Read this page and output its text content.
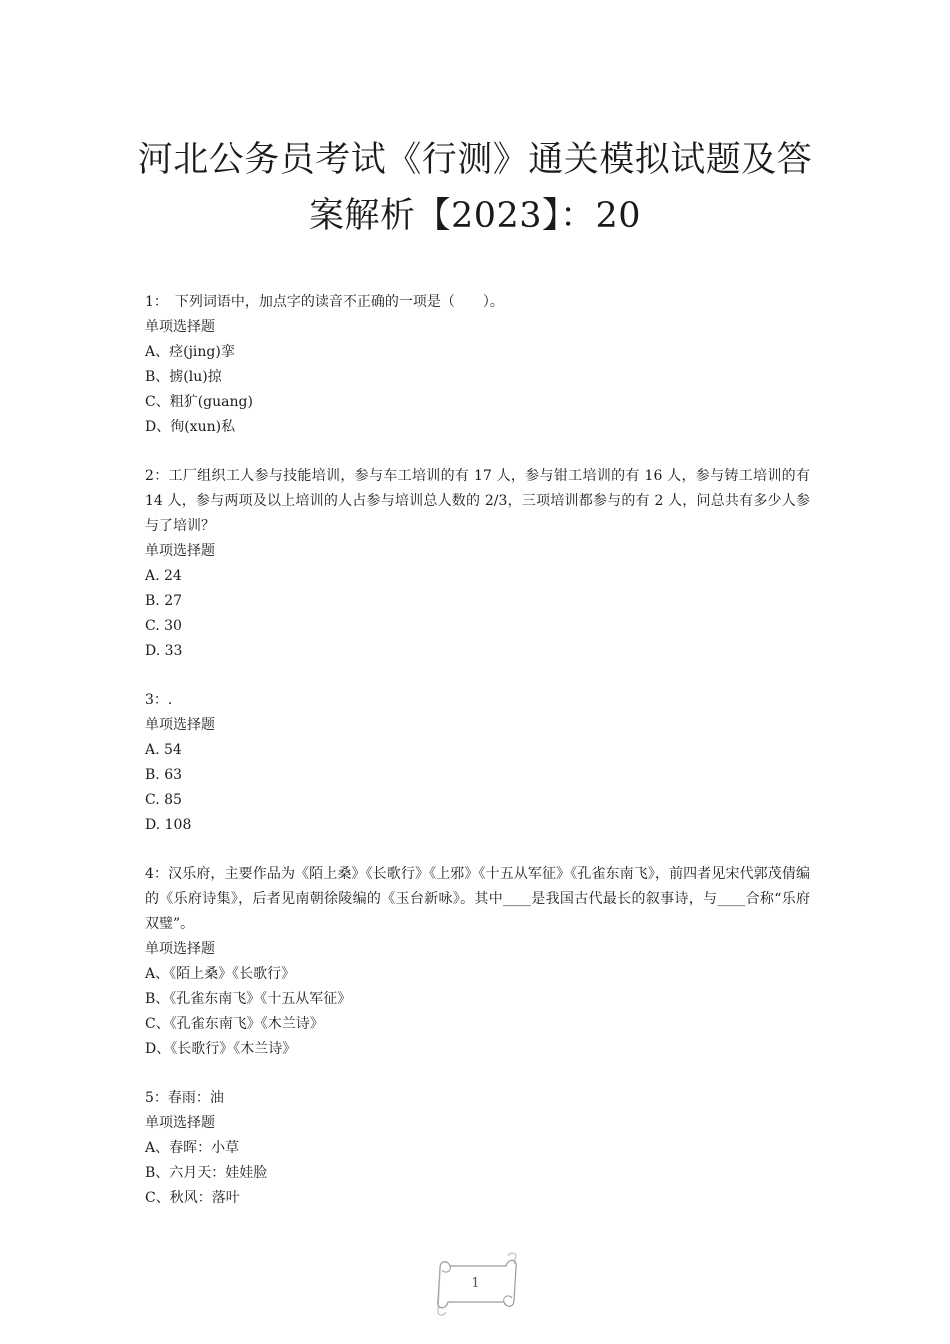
河北公务员考试《行测》通关模拟试题及答
案解析【2023】：20

1：　下列词语中，加点字的读音不正确的一项是（　　）。

单项选择题

A、痉(jing)挛

B、掳(lu)掠

C、粗犷(guang)

D、徇(xun)私

2：工厂组织工人参与技能培训，参与车工培训的有 17 人，参与钳工培训的有 16 人，参与铸工培训的有 14 人，参与两项及以上培训的人占参与培训总人数的 2/3，三项培训都参与的有 2 人，问总共有多少人参与了培训？

单项选择题

A. 24

B. 27

C. 30

D. 33

3：.

单项选择题

A. 54

B. 63

C. 85

D. 108

4：汉乐府，主要作品为《陌上桑》《长歌行》《上邪》《十五从军征》《孔雀东南飞》，前四者见宋代郭茂倩编的《乐府诗集》，后者见南朝徐陵编的《玉台新咏》。其中____是我国古代最长的叙事诗，与____合称“乐府双璧”。

单项选择题

A、《陌上桑》《长歌行》

B、《孔雀东南飞》《十五从军征》

C、《孔雀东南飞》《木兰诗》

D、《长歌行》《木兰诗》

5：春雨：油

单项选择题

A、春晖：小草

B、六月天：娃娃脸

C、秋风：落叶

1
